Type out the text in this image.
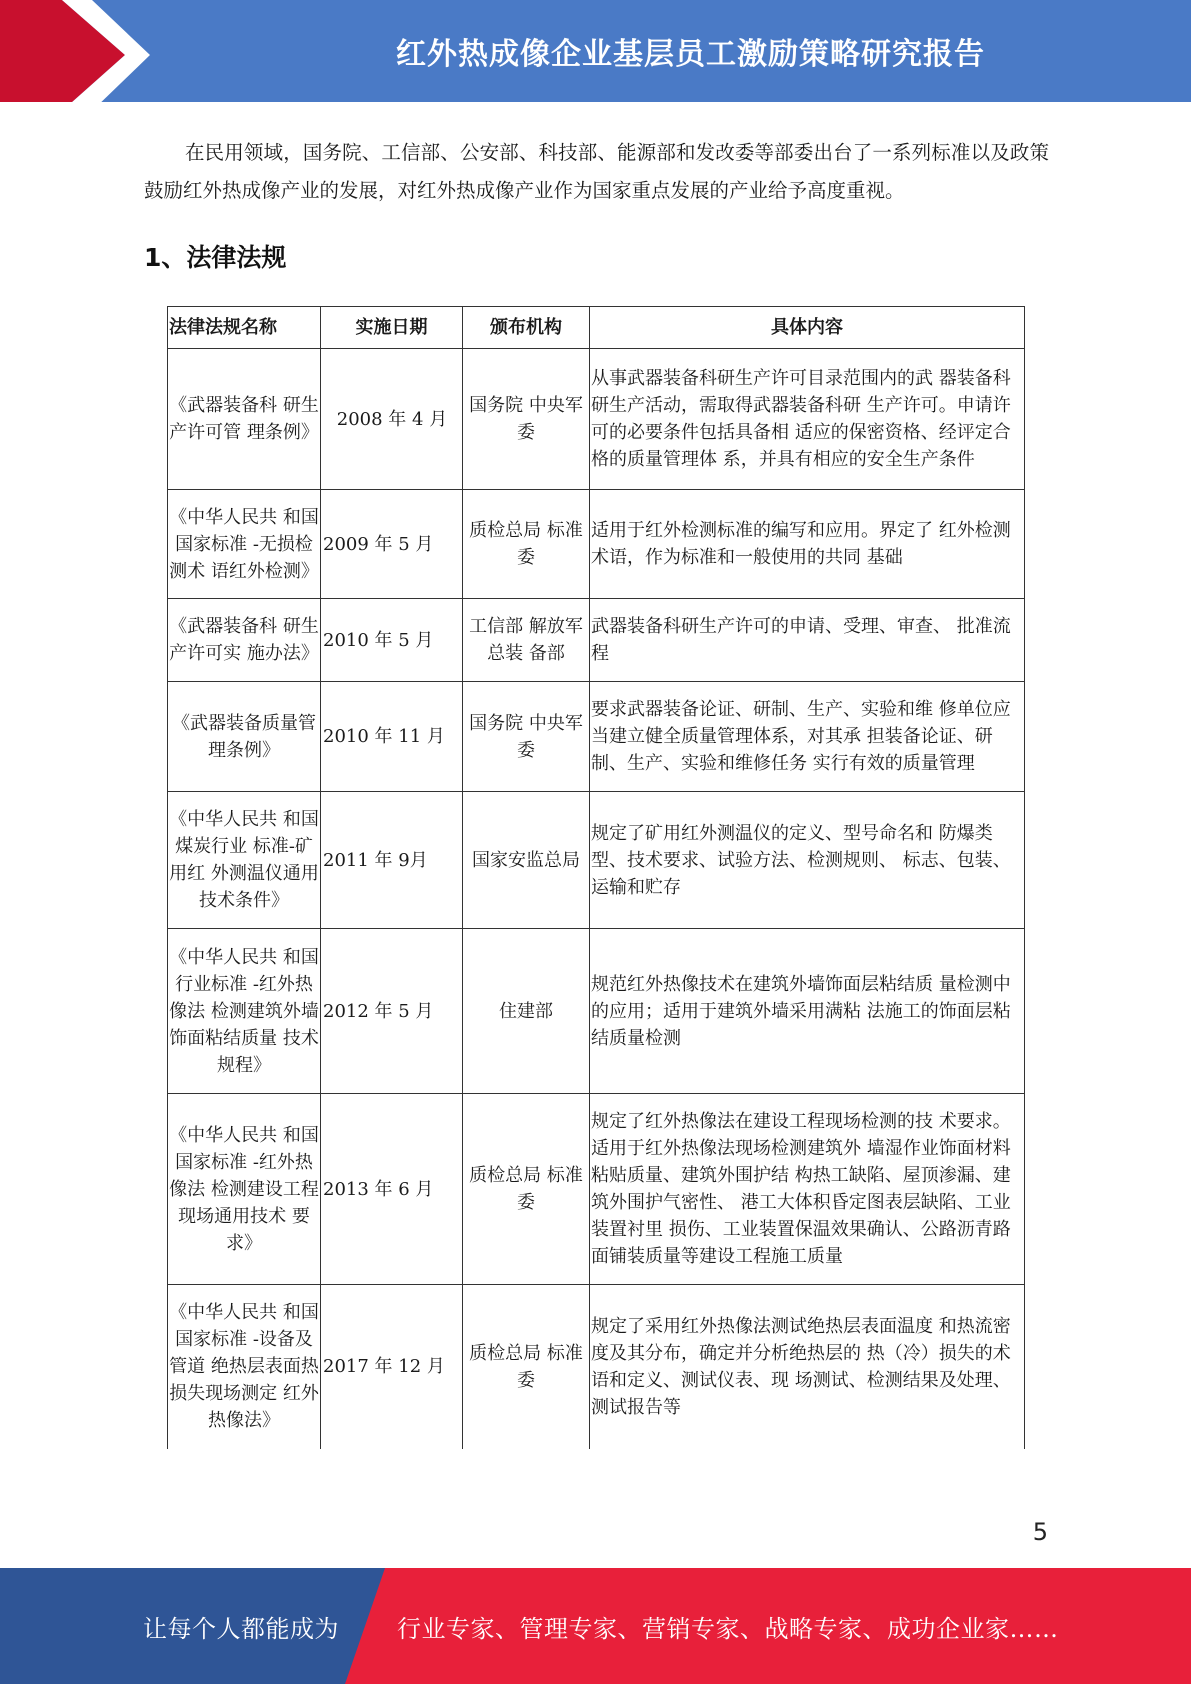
红外热成像企业基层员工激励策略研究报告

在民用领域，国务院、工信部、公安部、科技部、能源部和发改委等部委出台了一系列标准以及政策鼓励红外热成像产业的发展，对红外热成像产业作为国家重点发展的产业给予高度重视。

1、法律法规
法律法规名称	实施日期	颁布机构	具体内容
《武器装备科 研生产许可管 理条例》	2008 年 4 月	国务院 中央军委	从事武器装备科研生产许可目录范围内的武 器装备科研生产活动，需取得武器装备科研 生产许可。申请许可的必要条件包括具备相 适应的保密资格、经评定合格的质量管理体 系，并具有相应的安全生产条件
《中华人民共 和国国家标准 -无损检测术 语红外检测》	2009 年 5 月	质检总局 标准委	适用于红外检测标准的编写和应用。界定了 红外检测术语，作为标准和一般使用的共同 基础
《武器装备科 研生产许可实 施办法》	2010 年 5 月	工信部 解放军总装 备部	武器装备科研生产许可的申请、受理、审查、 批准流程
《武器装备质量管理条例》	2010 年 11 月	国务院 中央军委	要求武器装备论证、研制、生产、实验和维 修单位应当建立健全质量管理体系，对其承 担装备论证、研制、生产、实验和维修任务 实行有效的质量管理
《中华人民共 和国煤炭行业 标准-矿用红 外测温仪通用 技术条件》	2011 年 9月	国家安监总局	规定了矿用红外测温仪的定义、型号命名和 防爆类型、技术要求、试验方法、检测规则、 标志、包装、运输和贮存
《中华人民共 和国行业标准 -红外热像法 检测建筑外墙 饰面粘结质量 技术规程》	2012 年 5 月	住建部	规范红外热像技术在建筑外墙饰面层粘结质 量检测中的应用；适用于建筑外墙采用满粘 法施工的饰面层粘结质量检测
《中华人民共 和国国家标准 -红外热像法 检测建设工程 现场通用技术 要求》	2013 年 6 月	质检总局 标准委	规定了红外热像法在建设工程现场检测的技 术要求。适用于红外热像法现场检测建筑外 墙湿作业饰面材料粘贴质量、建筑外围护结 构热工缺陷、屋顶渗漏、建筑外围护气密性、 港工大体积昏定图表层缺陷、工业装置衬里 损伤、工业装置保温效果确认、公路沥青路 面铺装质量等建设工程施工质量
《中华人民共 和国国家标准 -设备及管道 绝热层表面热 损失现场测定 红外热像法》	2017 年 12 月	质检总局 标准委	规定了采用红外热像法测试绝热层表面温度 和热流密度及其分布，确定并分析绝热层的 热（冷）损失的术语和定义、测试仪表、现 场测试、检测结果及处理、测试报告等
5
让每个人都能成为 行业专家、管理专家、营销专家、战略专家、成功企业家……
